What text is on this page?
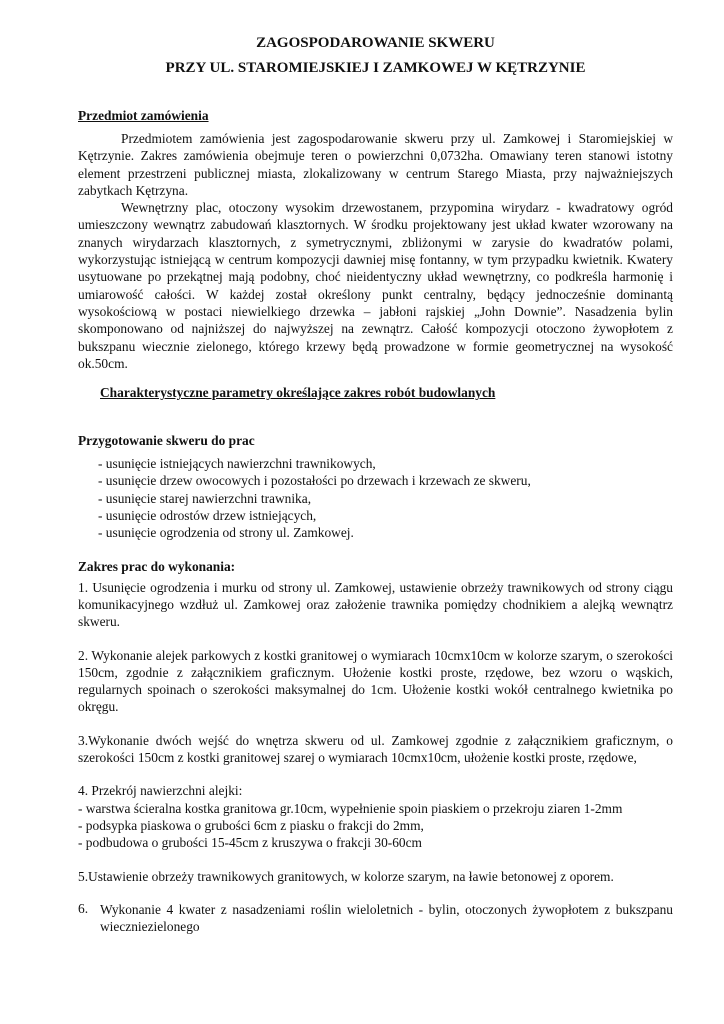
ZAGOSPODAROWANIE SKWERU
PRZY UL. STAROMIEJSKIEJ I ZAMKOWEJ W KĘTRZYNIE
Przedmiot zamówienia

Przedmiotem zamówienia jest zagospodarowanie skweru przy ul. Zamkowej i Staromiejskiej w Kętrzynie. Zakres zamówienia obejmuje teren o powierzchni 0,0732ha. Omawiany teren stanowi istotny element przestrzeni publicznej miasta, zlokalizowany w centrum Starego Miasta, przy najważniejszych zabytkach Kętrzyna.

Wewnętrzny plac, otoczony wysokim drzewostanem, przypomina wirydarz - kwadratowy ogród umieszczony wewnątrz zabudowań klasztornych. W środku projektowany jest układ kwater wzorowany na znanych wirydarzach klasztornych, z symetrycznymi, zbliżonymi w zarysie do kwadratów polami, wykorzystując istniejącą w centrum kompozycji dawniej misę fontanny, w tym przypadku kwietnik. Kwatery usytuowane po przekątnej mają podobny, choć nieidentyczny układ wewnętrzny, co podkreśla harmonię i umiarowość całości. W każdej został określony punkt centralny, będący jednocześnie dominantą wysokościową w postaci niewielkiego drzewka – jabłoni rajskiej „John Downie”. Nasadzenia bylin skomponowano od najniższej do najwyższej na zewnątrz. Całość kompozycji otoczono żywopłotem z bukszpanu wiecznie zielonego, którego krzewy będą prowadzone w formie geometrycznej na wysokość ok.50cm.

Charakterystyczne parametry określające zakres robót budowlanych
Przygotowanie skweru do prac
- usunięcie istniejących nawierzchni trawnikowych,
- usunięcie drzew owocowych i pozostałości po drzewach i krzewach ze skweru,
- usunięcie starej nawierzchni trawnika,
- usunięcie odrostów drzew istniejących,
- usunięcie ogrodzenia od strony ul. Zamkowej.
Zakres prac do wykonania:

1. Usunięcie ogrodzenia i murku od strony ul. Zamkowej, ustawienie obrzeży trawnikowych od strony ciągu komunikacyjnego wzdłuż ul. Zamkowej oraz założenie trawnika pomiędzy chodnikiem a alejką wewnątrz skweru.

2. Wykonanie alejek parkowych z kostki granitowej o wymiarach 10cmx10cm w kolorze szarym, o szerokości 150cm, zgodnie z załącznikiem graficznym. Ułożenie kostki proste, rzędowe, bez wzoru o wąskich, regularnych spoinach o szerokości maksymalnej do 1cm. Ułożenie kostki wokół centralnego kwietnika po okręgu.

3.Wykonanie dwóch wejść do wnętrza skweru od ul. Zamkowej zgodnie z załącznikiem graficznym, o szerokości 150cm z kostki granitowej szarej o wymiarach 10cmx10cm, ułożenie kostki proste, rzędowe,

4. Przekrój nawierzchni alejki:
- warstwa ścieralna kostka granitowa gr.10cm, wypełnienie spoin piaskiem o przekroju ziaren 1-2mm
- podsypka piaskowa o grubości 6cm z piasku o frakcji do 2mm,
- podbudowa o grubości 15-45cm z kruszywa o frakcji 30-60cm

5.Ustawienie obrzeży trawnikowych granitowych, w kolorze szarym, na ławie betonowej z oporem.

6. Wykonanie 4 kwater z nasadzeniami roślin wieloletnich - bylin, otoczonych żywopłotem z bukszpanu wieczniezielonego
